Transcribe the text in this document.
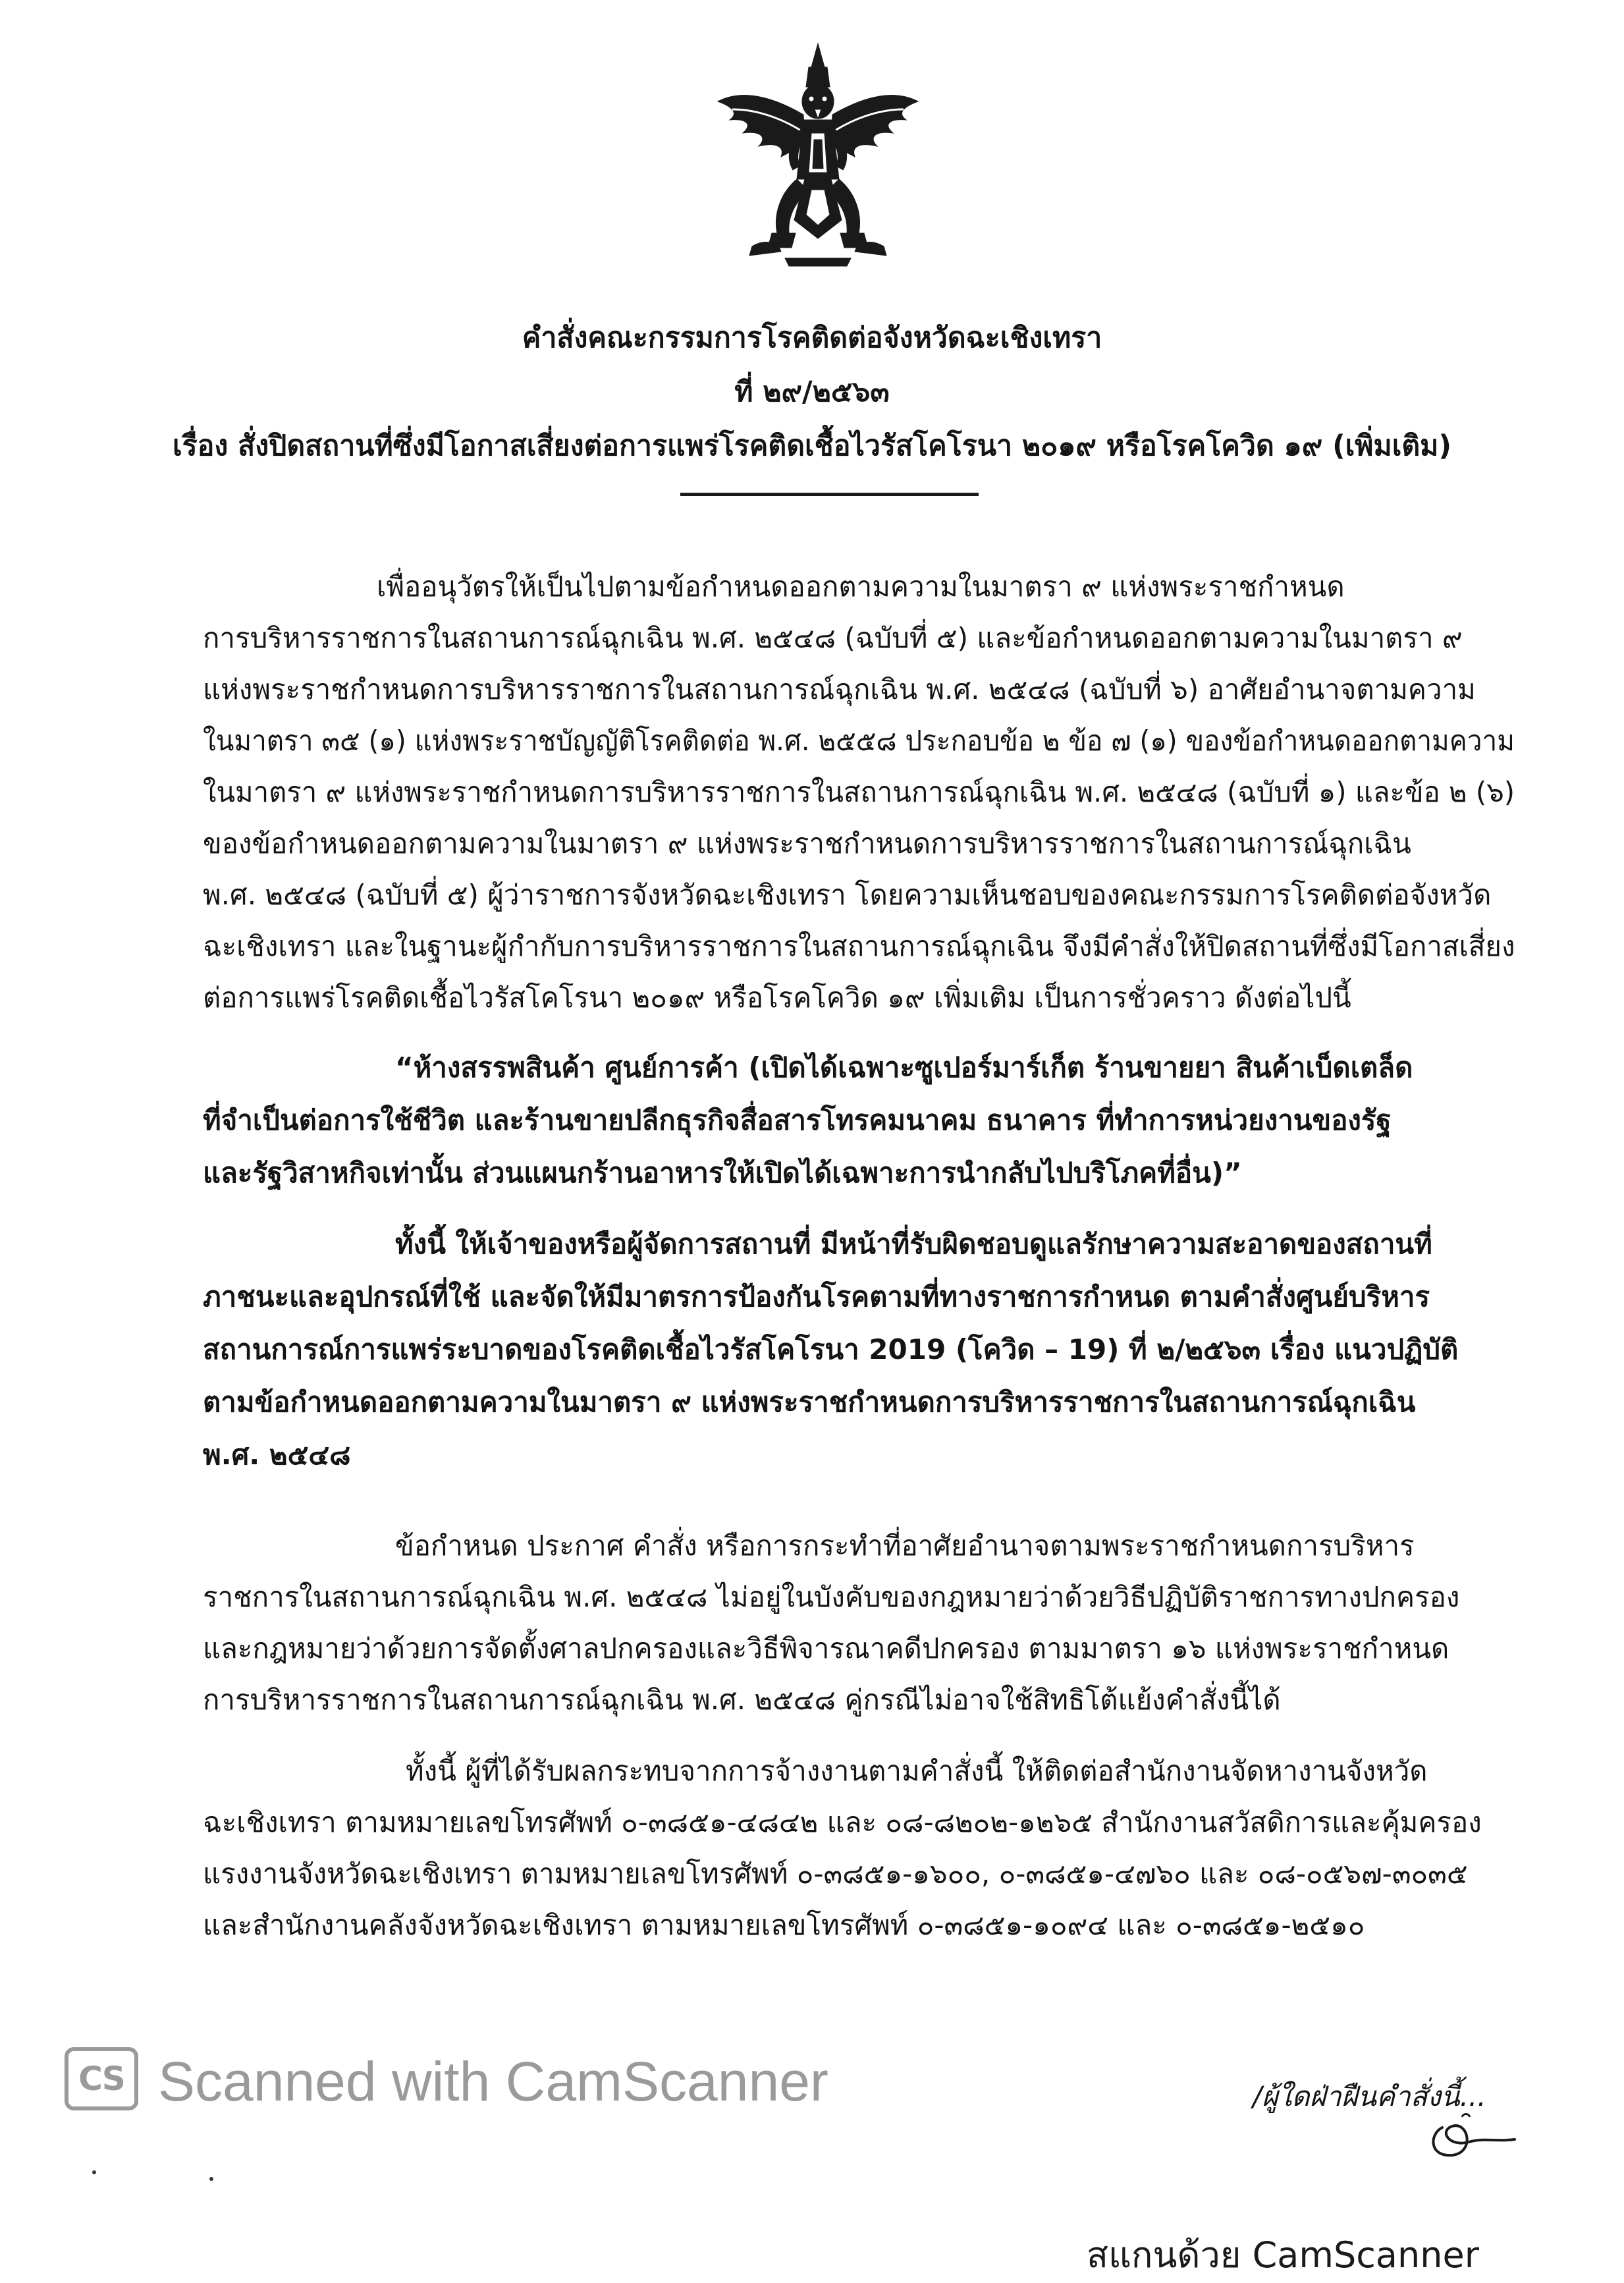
คำสั่งคณะกรรมการโรคติดต่อจังหวัดฉะเชิงเทรา
ที่ ๒๙/๒๕๖๓
เรื่อง สั่งปิดสถานที่ซึ่งมีโอกาสเสี่ยงต่อการแพร่โรคติดเชื้อไวรัสโคโรนา ๒๐๑๙ หรือโรคโควิด ๑๙ (เพิ่มเติม)
เพื่ออนุวัตรให้เป็นไปตามข้อกำหนดออกตามความในมาตรา ๙ แห่งพระราชกำหนด
การบริหารราชการในสถานการณ์ฉุกเฉิน พ.ศ. ๒๕๔๘ (ฉบับที่ ๕) และข้อกำหนดออกตามความในมาตรา ๙
แห่งพระราชกำหนดการบริหารราชการในสถานการณ์ฉุกเฉิน พ.ศ. ๒๕๔๘ (ฉบับที่ ๖) อาศัยอำนาจตามความ
ในมาตรา ๓๕ (๑) แห่งพระราชบัญญัติโรคติดต่อ พ.ศ. ๒๕๕๘ ประกอบข้อ ๒ ข้อ ๗ (๑) ของข้อกำหนดออกตามความ
ในมาตรา ๙ แห่งพระราชกำหนดการบริหารราชการในสถานการณ์ฉุกเฉิน พ.ศ. ๒๕๔๘ (ฉบับที่ ๑) และข้อ ๒ (๖)
ของข้อกำหนดออกตามความในมาตรา ๙ แห่งพระราชกำหนดการบริหารราชการในสถานการณ์ฉุกเฉิน
พ.ศ. ๒๕๔๘ (ฉบับที่ ๕) ผู้ว่าราชการจังหวัดฉะเชิงเทรา โดยความเห็นชอบของคณะกรรมการโรคติดต่อจังหวัด
ฉะเชิงเทรา และในฐานะผู้กำกับการบริหารราชการในสถานการณ์ฉุกเฉิน จึงมีคำสั่งให้ปิดสถานที่ซึ่งมีโอกาสเสี่ยง
ต่อการแพร่โรคติดเชื้อไวรัสโคโรนา ๒๐๑๙ หรือโรคโควิด ๑๙ เพิ่มเติม เป็นการชั่วคราว ดังต่อไปนี้
“ห้างสรรพสินค้า ศูนย์การค้า (เปิดได้เฉพาะซูเปอร์มาร์เก็ต ร้านขายยา สินค้าเบ็ดเตล็ด
ที่จำเป็นต่อการใช้ชีวิต และร้านขายปลีกธุรกิจสื่อสารโทรคมนาคม ธนาคาร ที่ทำการหน่วยงานของรัฐ
และรัฐวิสาหกิจเท่านั้น ส่วนแผนกร้านอาหารให้เปิดได้เฉพาะการนำกลับไปบริโภคที่อื่น)”
ทั้งนี้ ให้เจ้าของหรือผู้จัดการสถานที่ มีหน้าที่รับผิดชอบดูแลรักษาความสะอาดของสถานที่
ภาชนะและอุปกรณ์ที่ใช้ และจัดให้มีมาตรการป้องกันโรคตามที่ทางราชการกำหนด ตามคำสั่งศูนย์บริหาร
สถานการณ์การแพร่ระบาดของโรคติดเชื้อไวรัสโคโรนา 2019 (โควิด – 19) ที่ ๒/๒๕๖๓ เรื่อง แนวปฏิบัติ
ตามข้อกำหนดออกตามความในมาตรา ๙ แห่งพระราชกำหนดการบริหารราชการในสถานการณ์ฉุกเฉิน
พ.ศ. ๒๕๔๘
ข้อกำหนด ประกาศ คำสั่ง หรือการกระทำที่อาศัยอำนาจตามพระราชกำหนดการบริหาร
ราชการในสถานการณ์ฉุกเฉิน พ.ศ. ๒๕๔๘ ไม่อยู่ในบังคับของกฎหมายว่าด้วยวิธีปฏิบัติราชการทางปกครอง
และกฎหมายว่าด้วยการจัดตั้งศาลปกครองและวิธีพิจารณาคดีปกครอง ตามมาตรา ๑๖ แห่งพระราชกำหนด
การบริหารราชการในสถานการณ์ฉุกเฉิน พ.ศ. ๒๕๔๘ คู่กรณีไม่อาจใช้สิทธิโต้แย้งคำสั่งนี้ได้
ทั้งนี้ ผู้ที่ได้รับผลกระทบจากการจ้างงานตามคำสั่งนี้ ให้ติดต่อสำนักงานจัดหางานจังหวัด
ฉะเชิงเทรา ตามหมายเลขโทรศัพท์ ๐-๓๘๕๑-๔๘๔๒ และ ๐๘-๘๒๐๒-๑๒๖๕ สำนักงานสวัสดิการและคุ้มครอง
แรงงานจังหวัดฉะเชิงเทรา ตามหมายเลขโทรศัพท์ ๐-๓๘๕๑-๑๖๐๐, ๐-๓๘๕๑-๔๗๖๐ และ ๐๘-๐๕๖๗-๓๐๓๕
และสำนักงานคลังจังหวัดฉะเชิงเทรา ตามหมายเลขโทรศัพท์ ๐-๓๘๕๑-๑๐๙๔ และ ๐-๓๘๕๑-๒๕๑๐
CS Scanned with CamScanner	/ผู้ใดฝ่าฝืนคำสั่งนี้...
สแกนด้วย CamScanner
